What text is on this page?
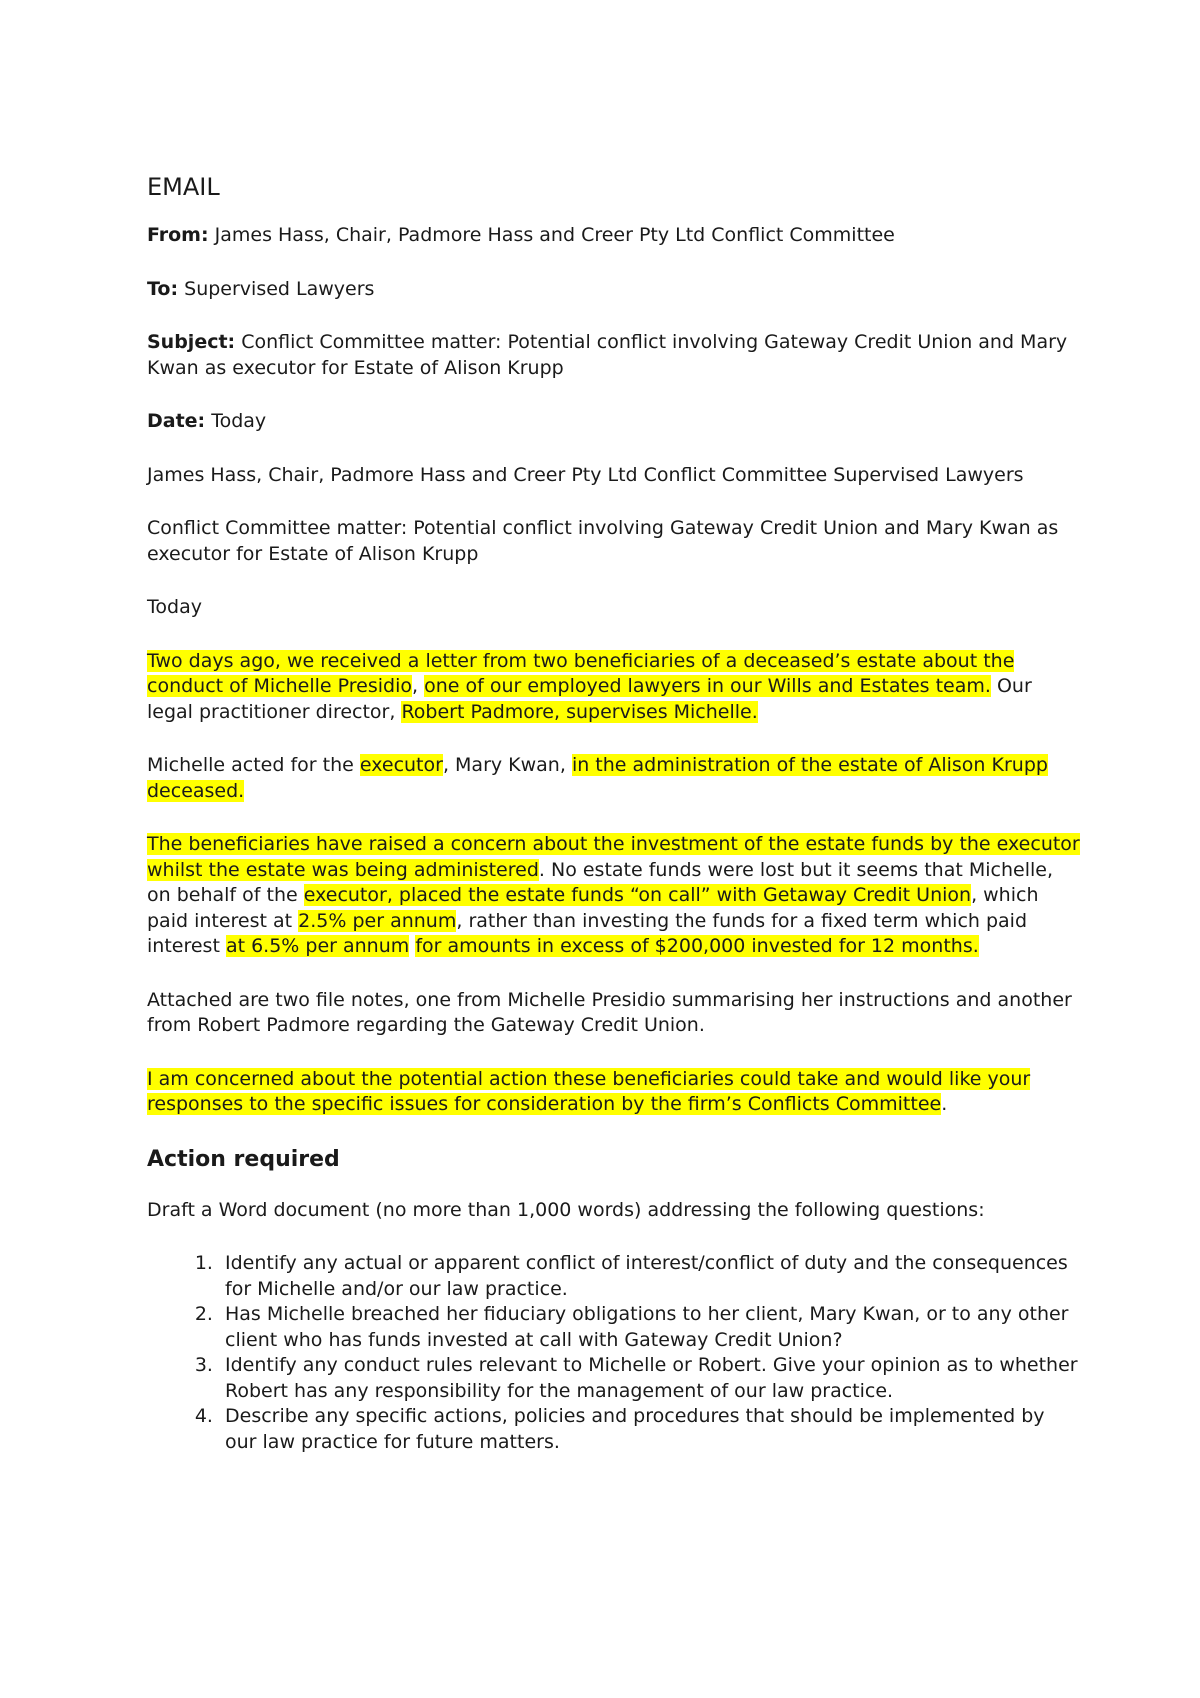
EMAIL

From: James Hass, Chair, Padmore Hass and Creer Pty Ltd Conflict Committee

To: Supervised Lawyers

Subject: Conflict Committee matter: Potential conflict involving Gateway Credit Union and Mary Kwan as executor for Estate of Alison Krupp

Date: Today

James Hass, Chair, Padmore Hass and Creer Pty Ltd Conflict Committee Supervised Lawyers

Conflict Committee matter: Potential conflict involving Gateway Credit Union and Mary Kwan as executor for Estate of Alison Krupp

Today

Two days ago, we received a letter from two beneficiaries of a deceased’s estate about the conduct of Michelle Presidio, one of our employed lawyers in our Wills and Estates team. Our legal practitioner director, Robert Padmore, supervises Michelle.

Michelle acted for the executor, Mary Kwan, in the administration of the estate of Alison Krupp deceased.

The beneficiaries have raised a concern about the investment of the estate funds by the executor whilst the estate was being administered. No estate funds were lost but it seems that Michelle, on behalf of the executor, placed the estate funds “on call” with Getaway Credit Union, which paid interest at 2.5% per annum, rather than investing the funds for a fixed term which paid interest at 6.5% per annum for amounts in excess of $200,000 invested for 12 months.

Attached are two file notes, one from Michelle Presidio summarising her instructions and another from Robert Padmore regarding the Gateway Credit Union.

I am concerned about the potential action these beneficiaries could take and would like your responses to the specific issues for consideration by the firm’s Conflicts Committee.

Action required

Draft a Word document (no more than 1,000 words) addressing the following questions:

1. Identify any actual or apparent conflict of interest/conflict of duty and the consequences for Michelle and/or our law practice.
2. Has Michelle breached her fiduciary obligations to her client, Mary Kwan, or to any other client who has funds invested at call with Gateway Credit Union?
3. Identify any conduct rules relevant to Michelle or Robert. Give your opinion as to whether Robert has any responsibility for the management of our law practice.
4. Describe any specific actions, policies and procedures that should be implemented by our law practice for future matters.
